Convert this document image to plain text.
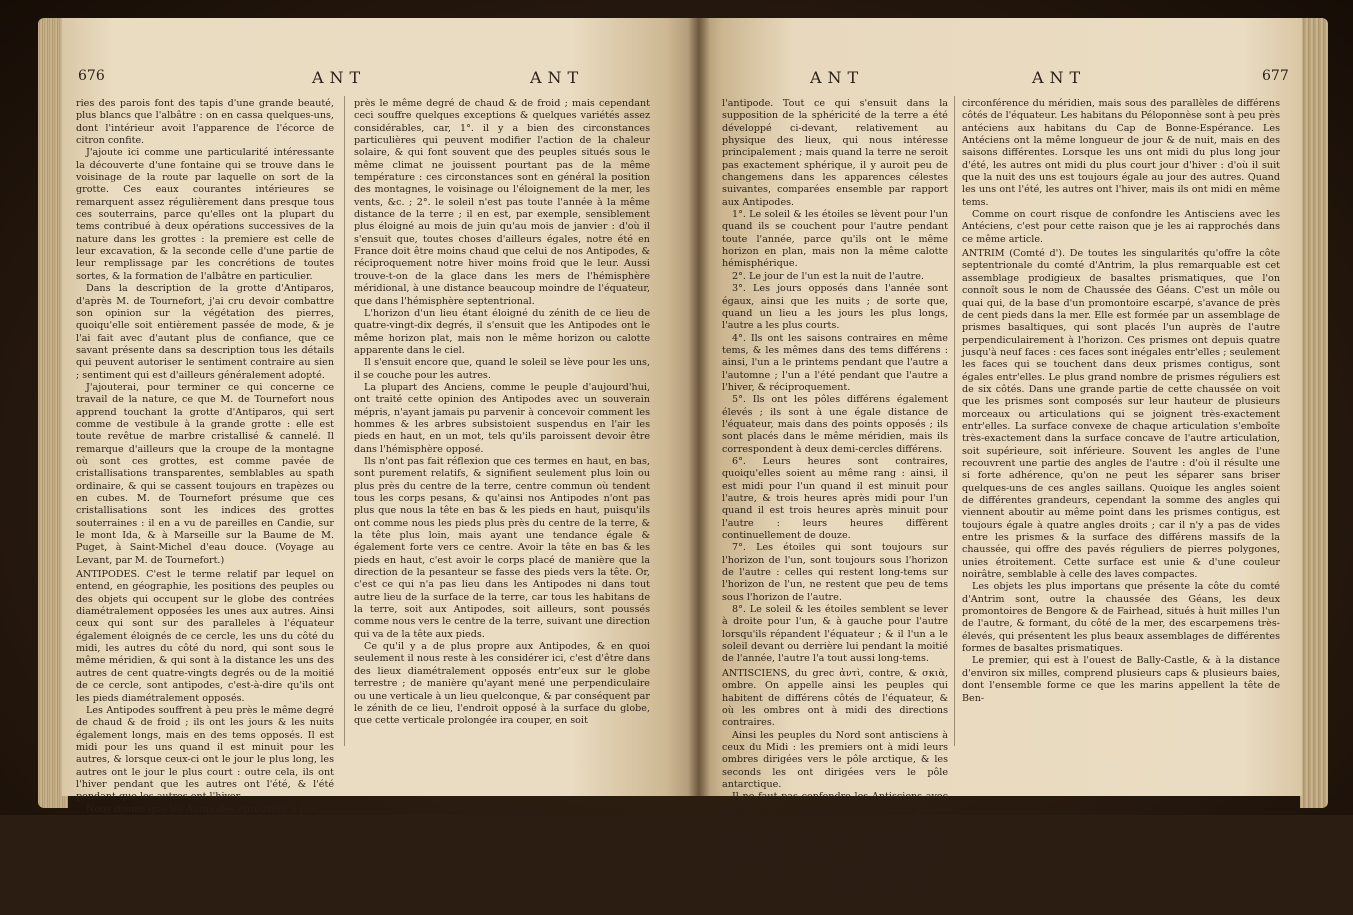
676	ANT	ANT

ries des parois font des tapis d'une grande beauté, plus blancs que l'albâtre : on en cassa quelques-uns, dont l'intérieur avoit l'apparence de l'écorce de citron confite.

J'ajoute ici comme une particularité intéressante la découverte d'une fontaine qui se trouve dans le voisinage de la route par laquelle on sort de la grotte. Ces eaux courantes intérieures se remarquent assez régulièrement dans presque tous ces souterrains, parce qu'elles ont la plupart du tems contribué à deux opérations successives de la nature dans les grottes : la premiere est celle de leur excavation, & la seconde celle d'une partie de leur remplissage par les concrétions de toutes sortes, & la formation de l'albâtre en particulier.

Dans la description de la grotte d'Antiparos, d'après M. de Tournefort, j'ai cru devoir combattre son opinion sur la végétation des pierres, quoiqu'elle soit entièrement passée de mode, & je l'ai fait avec d'autant plus de confiance, que ce savant présente dans sa description tous les détails qui peuvent autoriser le sentiment contraire au sien ; sentiment qui est d'ailleurs généralement adopté.

J'ajouterai, pour terminer ce qui concerne ce travail de la nature, ce que M. de Tournefort nous apprend touchant la grotte d'Antiparos, qui sert comme de vestibule à la grande grotte : elle est toute revêtue de marbre cristallisé & cannelé. Il remarque d'ailleurs que la croupe de la montagne où sont ces grottes, est comme pavée de cristallisations transparentes, semblables au spath ordinaire, & qui se cassent toujours en trapèzes ou en cubes. M. de Tournefort présume que ces cristallisations sont les indices des grottes souterraines : il en a vu de pareilles en Candie, sur le mont Ida, & à Marseille sur la Baume de M. Puget, à Saint-Michel d'eau douce. (Voyage au Levant, par M. de Tournefort.)

ANTIPODES. C'est le terme relatif par lequel on entend, en géographie, les positions des peuples ou des objets qui occupent sur le globe des contrées diamétralement opposées les unes aux autres. Ainsi ceux qui sont sur des paralleles à l'équateur également éloignés de ce cercle, les uns du côté du midi, les autres du côté du nord, qui sont sous le même méridien, & qui sont à la distance les uns des autres de cent quatre-vingts degrés ou de la moitié de ce cercle, sont antipodes, c'est-à-dire qu'ils ont les pieds diamétralement opposés.

Les Antipodes souffrent à peu près le même degré de chaud & de froid ; ils ont les jours & les nuits également longs, mais en des tems opposés. Il est midi pour les uns quand il est minuit pour les autres, & lorsque ceux-ci ont le jour le plus long, les autres ont le jour le plus court : outre cela, ils ont l'hiver pendant que les autres ont l'été, & l'été pendant que les autres ont l'hiver.

Nous disons que les Antipodes éprouvent à peu

près le même degré de chaud & de froid ; mais cependant ceci souffre quelques exceptions & quelques variétés assez considérables, car, 1°. il y a bien des circonstances particulières qui peuvent modifier l'action de la chaleur solaire, & qui font souvent que des peuples situés sous le même climat ne jouissent pourtant pas de la même température : ces circonstances sont en général la position des montagnes, le voisinage ou l'éloignement de la mer, les vents, &c. ; 2°. le soleil n'est pas toute l'année à la même distance de la terre ; il en est, par exemple, sensiblement plus éloigné au mois de juin qu'au mois de janvier : d'où il s'ensuit que, toutes choses d'ailleurs égales, notre été en France doit être moins chaud que celui de nos Antipodes, & réciproquement notre hiver moins froid que le leur. Aussi trouve-t-on de la glace dans les mers de l'hémisphère méridional, à une distance beaucoup moindre de l'équateur, que dans l'hémisphère septentrional.

L'horizon d'un lieu étant éloigné du zénith de ce lieu de quatre-vingt-dix degrés, il s'ensuit que les Antipodes ont le même horizon plat, mais non le même horizon ou calotte apparente dans le ciel.

Il s'ensuit encore que, quand le soleil se lève pour les uns, il se couche pour les autres.

La plupart des Anciens, comme le peuple d'aujourd'hui, ont traité cette opinion des Antipodes avec un souverain mépris, n'ayant jamais pu parvenir à concevoir comment les hommes & les arbres subsistoient suspendus en l'air les pieds en haut, en un mot, tels qu'ils paroissent devoir être dans l'hémisphère opposé.

Ils n'ont pas fait réflexion que ces termes en haut, en bas, sont purement relatifs, & signifient seulement plus loin ou plus près du centre de la terre, centre commun où tendent tous les corps pesans, & qu'ainsi nos Antipodes n'ont pas plus que nous la tête en bas & les pieds en haut, puisqu'ils ont comme nous les pieds plus près du centre de la terre, & la tête plus loin, mais ayant une tendance égale & également forte vers ce centre. Avoir la tête en bas & les pieds en haut, c'est avoir le corps placé de manière que la direction de la pesanteur se fasse des pieds vers la tête. Or, c'est ce qui n'a pas lieu dans les Antipodes ni dans tout autre lieu de la surface de la terre, car tous les habitans de la terre, soit aux Antipodes, soit ailleurs, sont poussés comme nous vers le centre de la terre, suivant une direction qui va de la tête aux pieds.

Ce qu'il y a de plus propre aux Antipodes, & en quoi seulement il nous reste à les considérer ici, c'est d'être dans des lieux diamétralement opposés entr'eux sur le globe terrestre ; de manière qu'ayant mené une perpendiculaire ou une verticale à un lieu quelconque, & par conséquent par le zénith de ce lieu, l'endroit opposé à la surface du globe, que cette verticale prolongée ira couper, en soit

ANT	ANT	677

l'antipode. Tout ce qui s'ensuit dans la supposition de la sphéricité de la terre a été développé ci-devant, relativement au physique des lieux, qui nous intéresse principalement ; mais quand la terre ne seroit pas exactement sphérique, il y auroit peu de changemens dans les apparences célestes suivantes, comparées ensemble par rapport aux Antipodes.

1°. Le soleil & les étoiles se lèvent pour l'un quand ils se couchent pour l'autre pendant toute l'année, parce qu'ils ont le même horizon en plan, mais non la même calotte hémisphérique.

2°. Le jour de l'un est la nuit de l'autre.

3°. Les jours opposés dans l'année sont égaux, ainsi que les nuits ; de sorte que, quand un lieu a les jours les plus longs, l'autre a les plus courts.

4°. Ils ont les saisons contraires en même tems, & les mêmes dans des tems différens : ainsi, l'un a le printems pendant que l'autre a l'automne ; l'un a l'été pendant que l'autre a l'hiver, & réciproquement.

5°. Ils ont les pôles différens également élevés ; ils sont à une égale distance de l'équateur, mais dans des points opposés ; ils sont placés dans le même méridien, mais ils correspondent à deux demi-cercles différens.

6°. Leurs heures sont contraires, quoiqu'elles soient au même rang : ainsi, il est midi pour l'un quand il est minuit pour l'autre, & trois heures après midi pour l'un quand il est trois heures après minuit pour l'autre : leurs heures diffèrent continuellement de douze.

7°. Les étoiles qui sont toujours sur l'horizon de l'un, sont toujours sous l'horizon de l'autre : celles qui restent long-tems sur l'horizon de l'un, ne restent que peu de tems sous l'horizon de l'autre.

8°. Le soleil & les étoiles semblent se lever à droite pour l'un, & à gauche pour l'autre lorsqu'ils répandent l'équateur ; & il l'un a le soleil devant ou derrière lui pendant la moitié de l'année, l'autre l'a tout aussi long-tems.

ANTISCIENS, du grec ἀντὶ, contre, & σκιὰ, ombre. On appelle ainsi les peuples qui habitent de différens côtés de l'équateur, & où les ombres ont à midi des directions contraires.

Ainsi les peuples du Nord sont antisciens à ceux du Midi : les premiers ont à midi leurs ombres dirigées vers le pôle arctique, & les seconds les ont dirigées vers le pôle antarctique.

Il ne faut pas confondre les Antisciens avec les Antéciens ; car les Antéciens sont placés sous le même méridien & à la même distance de l'équateur, les uns vers le nord, les autres vers le midi : de là il suit que les Antéciens ont la même latitude & la même longitude, mais les uns dans l'hémisphère septentrional, & les autres dans l'hémisphère méridional.

Outre cela ils sont placés sous la même demi-

circonférence du méridien, mais sous des parallèles de différens côtés de l'équateur. Les habitans du Péloponnèse sont à peu près antéciens aux habitans du Cap de Bonne-Espérance. Les Antéciens ont la même longueur de jour & de nuit, mais en des saisons différentes. Lorsque les uns ont midi du plus long jour d'été, les autres ont midi du plus court jour d'hiver : d'où il suit que la nuit des uns est toujours égale au jour des autres. Quand les uns ont l'été, les autres ont l'hiver, mais ils ont midi en même tems.

Comme on court risque de confondre les Antisciens avec les Antéciens, c'est pour cette raison que je les ai rapprochés dans ce même article.

ANTRIM (Comté d'). De toutes les singularités qu'offre la côte septentrionale du comté d'Antrim, la plus remarquable est cet assemblage prodigieux de basaltes prismatiques, que l'on connoît sous le nom de Chaussée des Géans. C'est un môle ou quai qui, de la base d'un promontoire escarpé, s'avance de près de cent pieds dans la mer. Elle est formée par un assemblage de prismes basaltiques, qui sont placés l'un auprès de l'autre perpendiculairement à l'horizon. Ces prismes ont depuis quatre jusqu'à neuf faces : ces faces sont inégales entr'elles ; seulement les faces qui se touchent dans deux prismes contigus, sont égales entr'elles. Le plus grand nombre de prismes réguliers est de six côtés. Dans une grande partie de cette chaussée on voit que les prismes sont composés sur leur hauteur de plusieurs morceaux ou articulations qui se joignent très-exactement entr'elles. La surface convexe de chaque articulation s'emboîte très-exactement dans la surface concave de l'autre articulation, soit supérieure, soit inférieure. Souvent les angles de l'une recouvrent une partie des angles de l'autre : d'où il résulte une si forte adhérence, qu'on ne peut les séparer sans briser quelques-uns de ces angles saillans. Quoique les angles soient de différentes grandeurs, cependant la somme des angles qui viennent aboutir au même point dans les prismes contigus, est toujours égale à quatre angles droits ; car il n'y a pas de vides entre les prismes & la surface des différens massifs de la chaussée, qui offre des pavés réguliers de pierres polygones, unies étroitement. Cette surface est unie & d'une couleur noirâtre, semblable à celle des laves compactes.

Les objets les plus importans que présente la côte du comté d'Antrim sont, outre la chaussée des Géans, les deux promontoires de Bengore & de Fairhead, situés à huit milles l'un de l'autre, & formant, du côté de la mer, des escarpemens très-élevés, qui présentent les plus beaux assemblages de différentes formes de basaltes prismatiques.

Le premier, qui est à l'ouest de Bally-Castle, & à la distance d'environ six milles, comprend plusieurs caps & plusieurs baies, dont l'ensemble forme ce que les marins appellent la tête de Ben-
